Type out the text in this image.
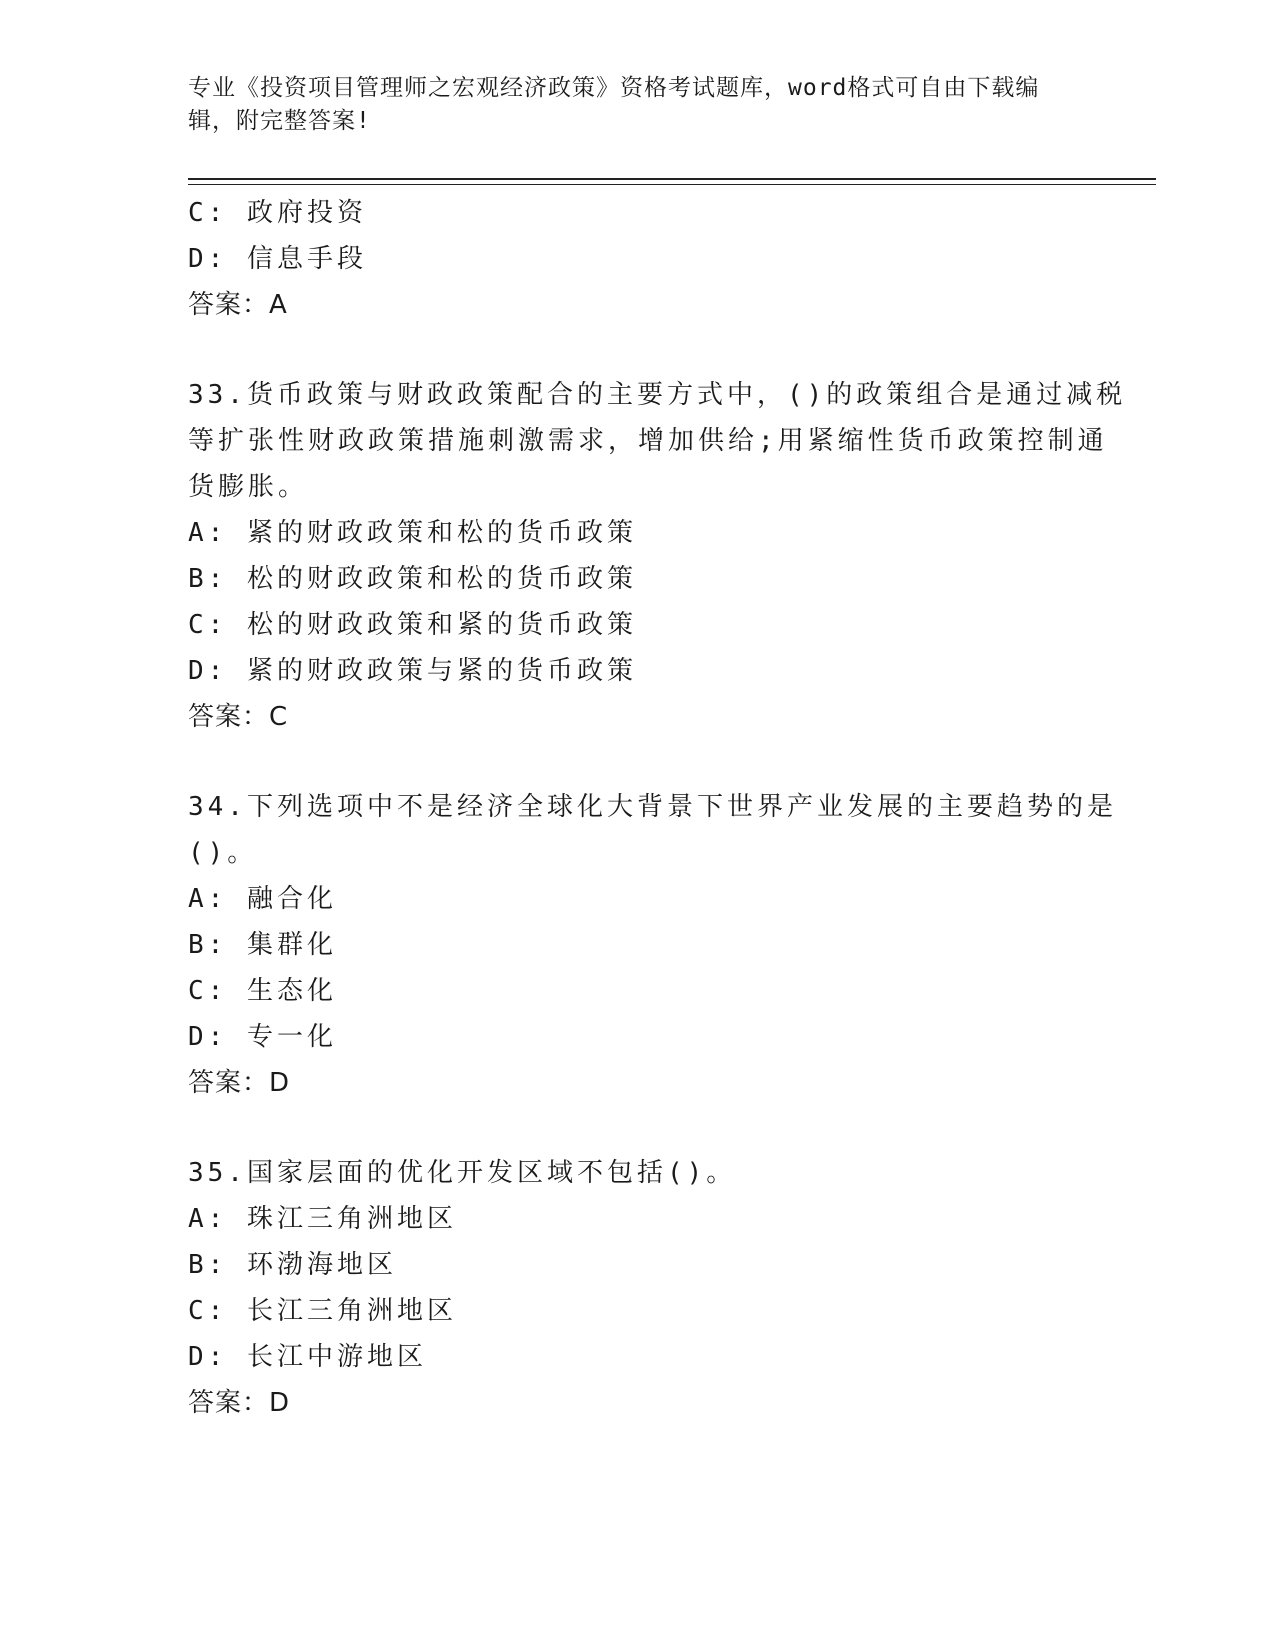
专业《投资项目管理师之宏观经济政策》资格考试题库，word格式可自由下载编
辑，附完整答案!
C: 政府投资
D: 信息手段
答案：A
33.货币政策与财政政策配合的主要方式中，()的政策组合是通过减税
等扩张性财政政策措施刺激需求，增加供给;用紧缩性货币政策控制通
货膨胀。
A: 紧的财政政策和松的货币政策
B: 松的财政政策和松的货币政策
C: 松的财政政策和紧的货币政策
D: 紧的财政政策与紧的货币政策
答案：C
34.下列选项中不是经济全球化大背景下世界产业发展的主要趋势的是
()。
A: 融合化
B: 集群化
C: 生态化
D: 专一化
答案：D
35.国家层面的优化开发区域不包括()。
A: 珠江三角洲地区
B: 环渤海地区
C: 长江三角洲地区
D: 长江中游地区
答案：D
